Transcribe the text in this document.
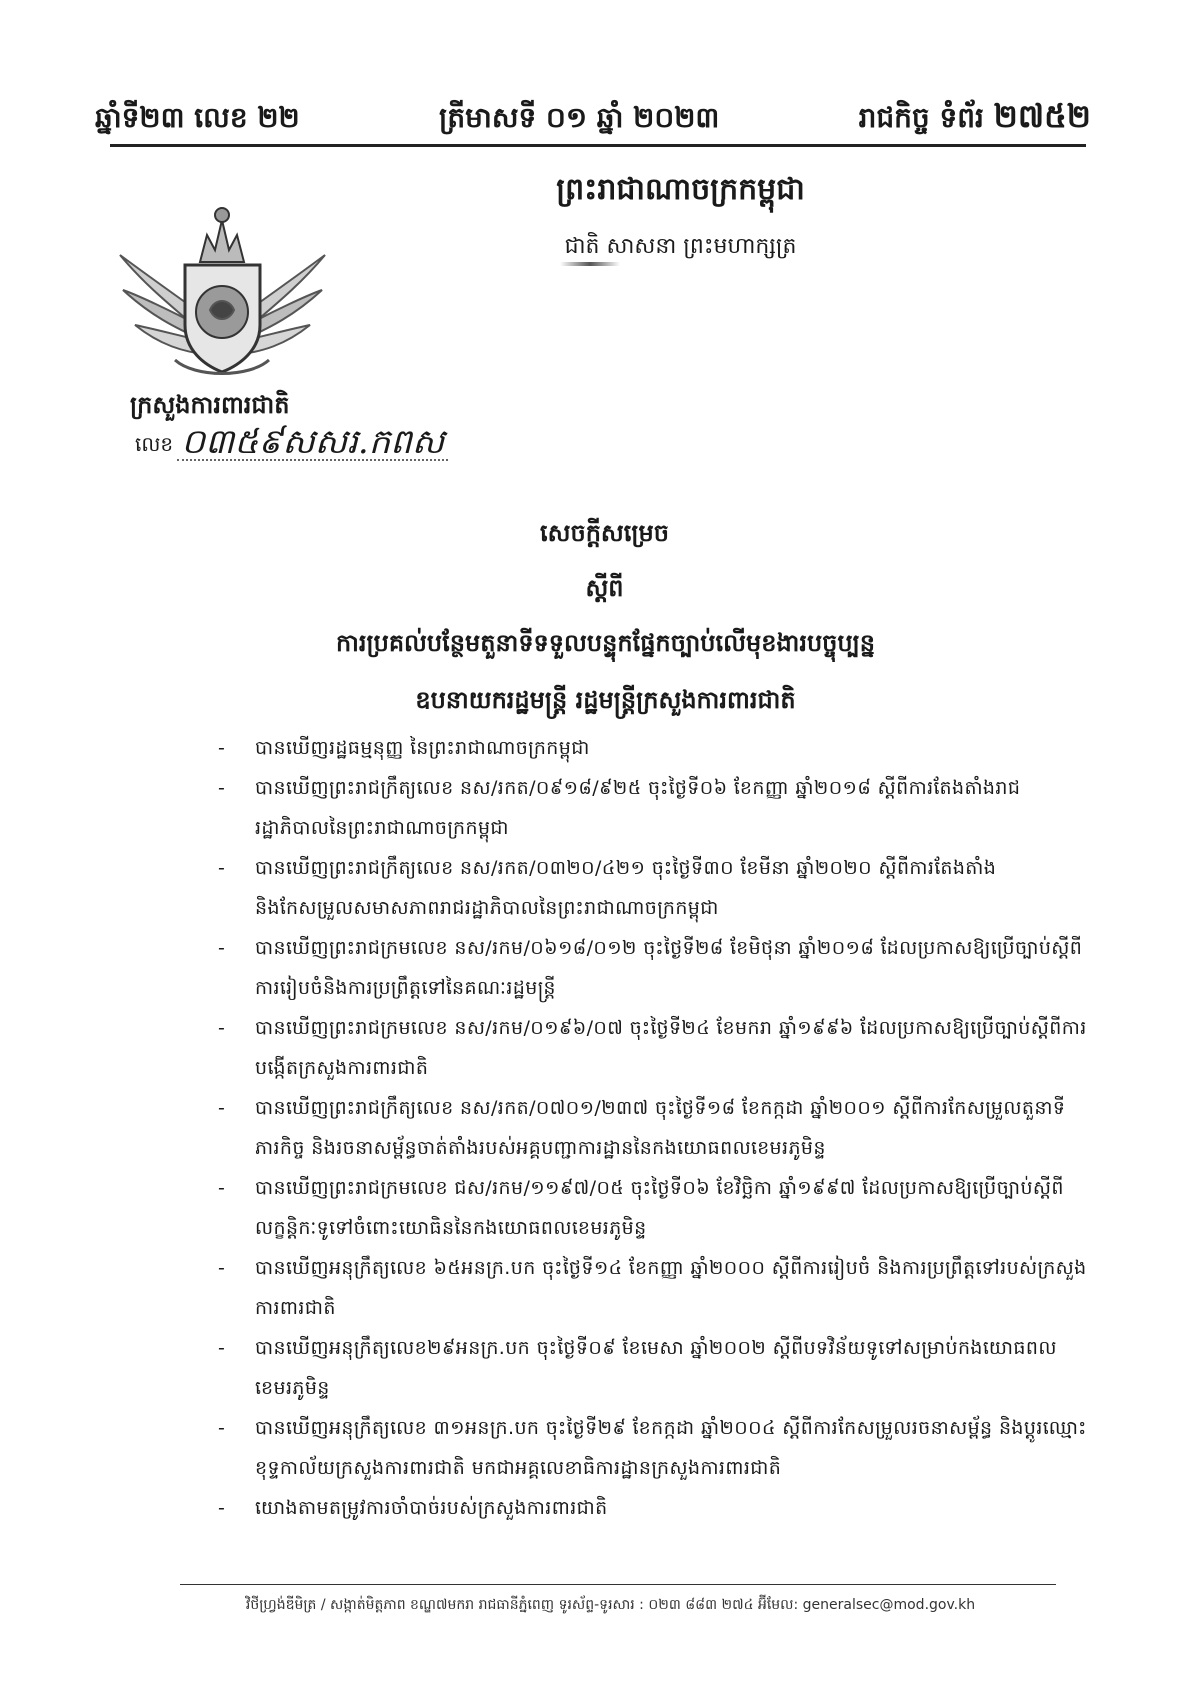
ឆ្នាំទី២៣ លេខ ២២	ត្រីមាសទី ០១ ឆ្នាំ ២០២៣	រាជកិច្ច ទំព័រ ២៧៥២
ព្រះរាជាណាចក្រកម្ពុជា
ជាតិ សាសនា ព្រះមហាក្សត្រ
ក្រសួងការពារជាតិ
លេខ ០៣៥៩សសរ.កពស
សេចក្ដីសម្រេច
ស្ដីពី
ការប្រគល់បន្ថែមតួនាទីទទួលបន្ទុកផ្នែកច្បាប់លើមុខងារបច្ចុប្បន្ន
ឧបនាយករដ្ឋមន្ត្រី រដ្ឋមន្ត្រីក្រសួងការពារជាតិ
- បានឃើញរដ្ឋធម្មនុញ្ញ នៃព្រះរាជាណាចក្រកម្ពុជា
- បានឃើញព្រះរាជក្រឹត្យលេខ នស/រកត/០៩១៨/៩២៥ ចុះថ្ងៃទី០៦ ខែកញ្ញា ឆ្នាំ២០១៨ ស្ដីពីការតែងតាំងរាជរដ្ឋាភិបាលនៃព្រះរាជាណាចក្រកម្ពុជា
- បានឃើញព្រះរាជក្រឹត្យលេខ នស/រកត/០៣២០/៤២១ ចុះថ្ងៃទី៣០ ខែមីនា ឆ្នាំ២០២០ ស្ដីពីការតែងតាំង និងកែសម្រួលសមាសភាពរាជរដ្ឋាភិបាលនៃព្រះរាជាណាចក្រកម្ពុជា
- បានឃើញព្រះរាជក្រមលេខ នស/រកម/០៦១៨/០១២ ចុះថ្ងៃទី២៨ ខែមិថុនា ឆ្នាំ២០១៨ ដែលប្រកាសឱ្យប្រើច្បាប់ស្ដីពីការរៀបចំនិងការប្រព្រឹត្តទៅនៃគណៈរដ្ឋមន្ត្រី
- បានឃើញព្រះរាជក្រមលេខ នស/រកម/០១៩៦/០៧ ចុះថ្ងៃទី២៤ ខែមករា ឆ្នាំ១៩៩៦ ដែលប្រកាសឱ្យប្រើច្បាប់ស្ដីពីការបង្កើតក្រសួងការពារជាតិ
- បានឃើញព្រះរាជក្រឹត្យលេខ នស/រកត/០៧០១/២៣៧ ចុះថ្ងៃទី១៨ ខែកក្កដា ឆ្នាំ២០០១ ស្ដីពីការកែសម្រួលតួនាទី ភារកិច្ច និងរចនាសម្ព័ន្ធចាត់តាំងរបស់អគ្គបញ្ជាការដ្ឋាននៃកងយោធពលខេមរភូមិន្ទ
- បានឃើញព្រះរាជក្រមលេខ ជស/រកម/១១៩៧/០៥ ចុះថ្ងៃទី០៦ ខែវិច្ឆិកា ឆ្នាំ១៩៩៧ ដែលប្រកាសឱ្យប្រើច្បាប់ស្ដីពីលក្ខន្តិកៈទូទៅចំពោះយោធិននៃកងយោធពលខេមរភូមិន្ទ
- បានឃើញអនុក្រឹត្យលេខ ៦៥អនក្រ.បក ចុះថ្ងៃទី១៤ ខែកញ្ញា ឆ្នាំ២០០០ ស្ដីពីការរៀបចំ និងការប្រព្រឹត្តទៅរបស់ក្រសួងការពារជាតិ
- បានឃើញអនុក្រឹត្យលេខ២៩អនក្រ.បក ចុះថ្ងៃទី០៩ ខែមេសា ឆ្នាំ២០០២ ស្ដីពីបទវិន័យទូទៅសម្រាប់កងយោធពលខេមរភូមិន្ទ
- បានឃើញអនុក្រឹត្យលេខ ៣១អនក្រ.បក ចុះថ្ងៃទី២៩ ខែកក្កដា ឆ្នាំ២០០៤ ស្ដីពីការកែសម្រួលរចនាសម្ព័ន្ធ និងប្ដូរឈ្មោះខុទ្ទកាល័យក្រសួងការពារជាតិ មកជាអគ្គលេខាធិការដ្ឋានក្រសួងការពារជាតិ
- យោងតាមតម្រូវការចាំបាច់របស់ក្រសួងការពារជាតិ
វិថីហ្វ្រង់ឌីមិត្រ / សង្កាត់មិត្តភាព ខណ្ឌ៧មករា រាជធានីភ្នំពេញ ទូរស័ព្ទ-ទូរសារ : ០២៣ ៨៨៣ ២៧៤ អ៊ីមែល: generalsec@mod.gov.kh
